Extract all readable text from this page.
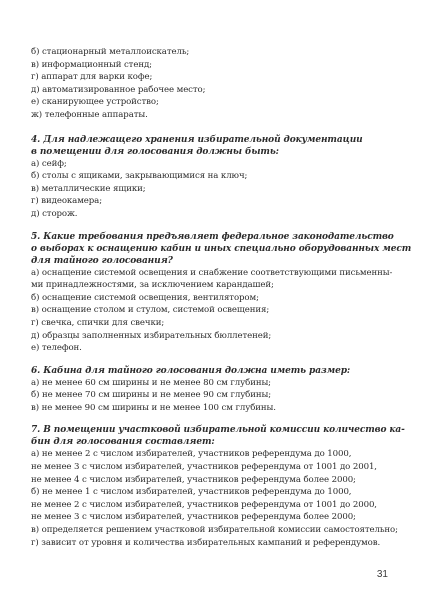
б) стационарный металлоискатель;
в) информационный стенд;
г) аппарат для варки кофе;
д) автоматизированное рабочее место;
е) сканирующее устройство;
ж) телефонные аппараты.
4. Для надлежащего хранения избирательной документации
в помещении для голосования должны быть:
а) сейф;
б) столы с ящиками, закрывающимися на ключ;
в) металлические ящики;
г) видеокамера;
д) сторож.
5. Какие требования предъявляет федеральное законодательство
о выборах к оснащению кабин и иных специально оборудованных мест
для тайного голосования?
а) оснащение системой освещения и снабжение соответствующими письменны-
ми принадлежностями, за исключением карандашей;
б) оснащение системой освещения, вентилятором;
в) оснащение столом и стулом, системой освещения;
г) свечка, спички для свечки;
д) образцы заполненных избирательных бюллетеней;
е) телефон.
6. Кабина для тайного голосования должна иметь размер:
а) не менее 60 см ширины и не менее 80 см глубины;
б) не менее 70 см ширины и не менее 90 см глубины;
в) не менее 90 см ширины и не менее 100 см глубины.
7. В помещении участковой избирательной комиссии количество ка-
бин для голосования составляет:
а) не менее 2 с числом избирателей, участников референдума до 1000,
не менее 3 с числом избирателей, участников референдума от 1001 до 2001,
не менее 4 с числом избирателей, участников референдума более 2000;
б) не менее 1 с числом избирателей, участников референдума до 1000,
не менее 2 с числом избирателей, участников референдума от 1001 до 2000,
не менее 3 с числом избирателей, участников референдума более 2000;
в) определяется решением участковой избирательной комиссии самостоятельно;
г) зависит от уровня и количества избирательных кампаний и референдумов.
31
